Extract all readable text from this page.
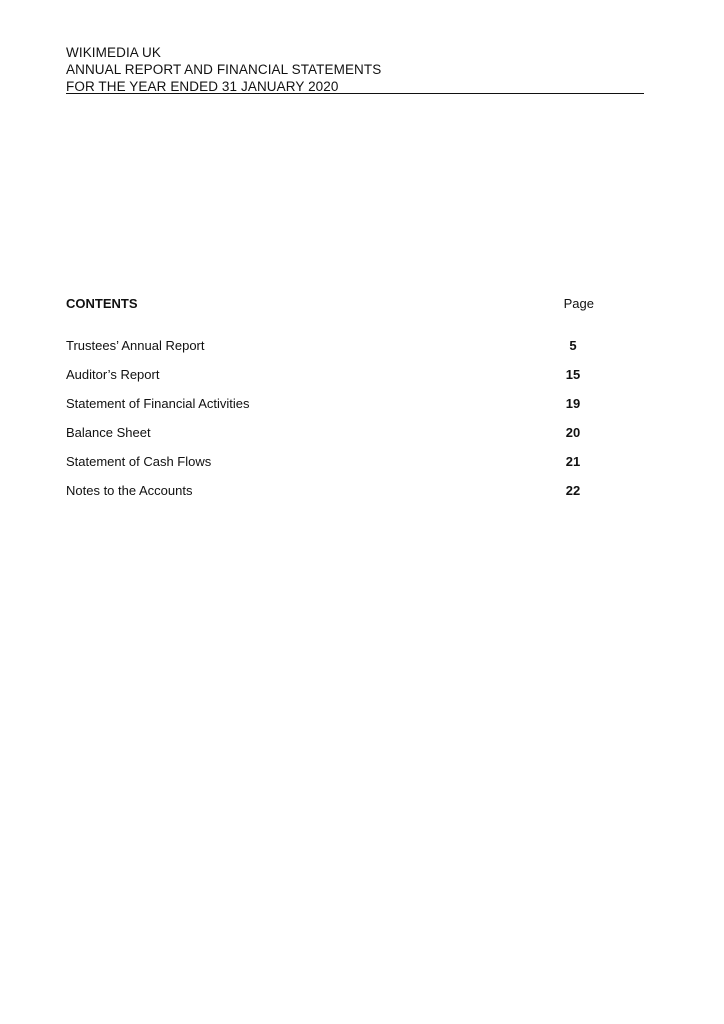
WIKIMEDIA UK
ANNUAL REPORT AND FINANCIAL STATEMENTS
FOR THE YEAR ENDED 31 JANUARY 2020
CONTENTS	Page
Trustees’ Annual Report	5
Auditor’s Report	15
Statement of Financial Activities	19
Balance Sheet	20
Statement of Cash Flows	21
Notes to the Accounts	22
